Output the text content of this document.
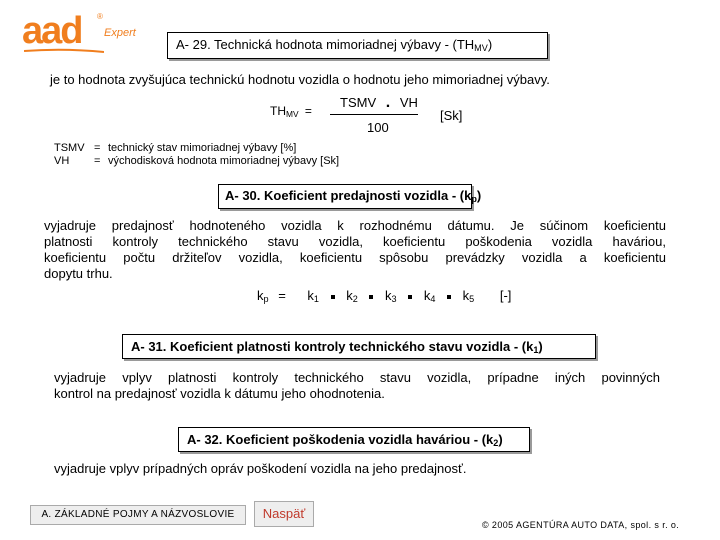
aad ®
Expert
A- 29. Technická hodnota mimoriadnej výbavy - $(TH_{MV})$
je to hodnota zvyšujúca technickú hodnotu vozidla o hodnotu jeho mimoriadnej výbavy.
$TH_{MV}$ =
TSMV . VH
100
[Sk]
TSMV = technický stav mimoriadnej výbavy [%]
VH = východisková hodnota mimoriadnej výbavy [Sk]
A- 30. Koeficient predajnosti vozidla - $(k_p)$
vyjadruje predajnosť hodnoteného vozidla k rozhodnému dátumu. Je súčinom koeficientu
platnosti kontroly technického stavu vozidla, koeficientu poškodenia vozidla haváriou,
koeficientu počtu držiteľov vozidla, koeficientu spôsobu prevádzky vozidla a koeficientu
dopytu trhu.
$k_p = k_1$ $k_2$ $k_3$ $k_4$ $k_5$ [-]
A- 31. Koeficient platnosti kontroly technického stavu vozidla - $(k_1)$
vyjadruje vplyv platnosti kontroly technického stavu vozidla, prípadne iných povinných
kontrol na predajnosť vozidla k dátumu jeho ohodnotenia.
A- 32. Koeficient poškodenia vozidla haváriou - $(k_2)$
vyjadruje vplyv prípadných opráv poškodení vozidla na jeho predajnosť.
A. ZÁKLADNÉ POJMY A NÁZVOSLOVIE	Naspäť
© 2005 AGENTÚRA AUTO DATA, spol. s r. o.
